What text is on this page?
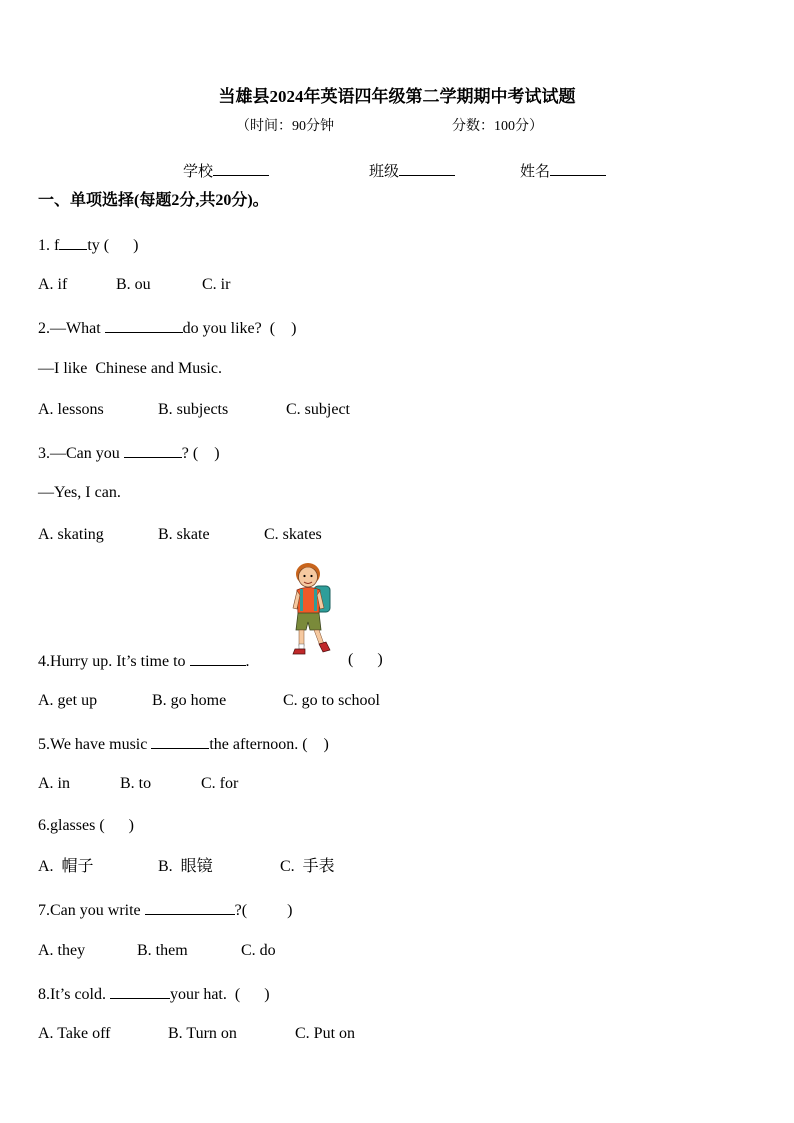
当雄县2024年英语四年级第二学期期中考试试题
（时间：90分钟	分数：100分）
学校	班级	姓名
一、单项选择(每题2分,共20分)。
1. f ty (      )
A. if	B. ou	C. ir
2.—What	do you like?  (    )
—I like  Chinese and Music.
A. lessons	B. subjects	C. subject
3.—Can you	? (    )
—Yes, I can.
A. skating	B. skate	C. skates
4.Hurry up. It’s time to	.	(      )
A. get up	B. go home	C. go to school
5.We have music	the afternoon. (    )
A. in	B. to	C. for
6.glasses (      )
A.  帽子	B.  眼镜	C.  手表
7.Can you write	?(          )
A. they	B. them	C. do
8.It’s cold.	your hat.  (      )
A. Take off	B. Turn on	C. Put on
